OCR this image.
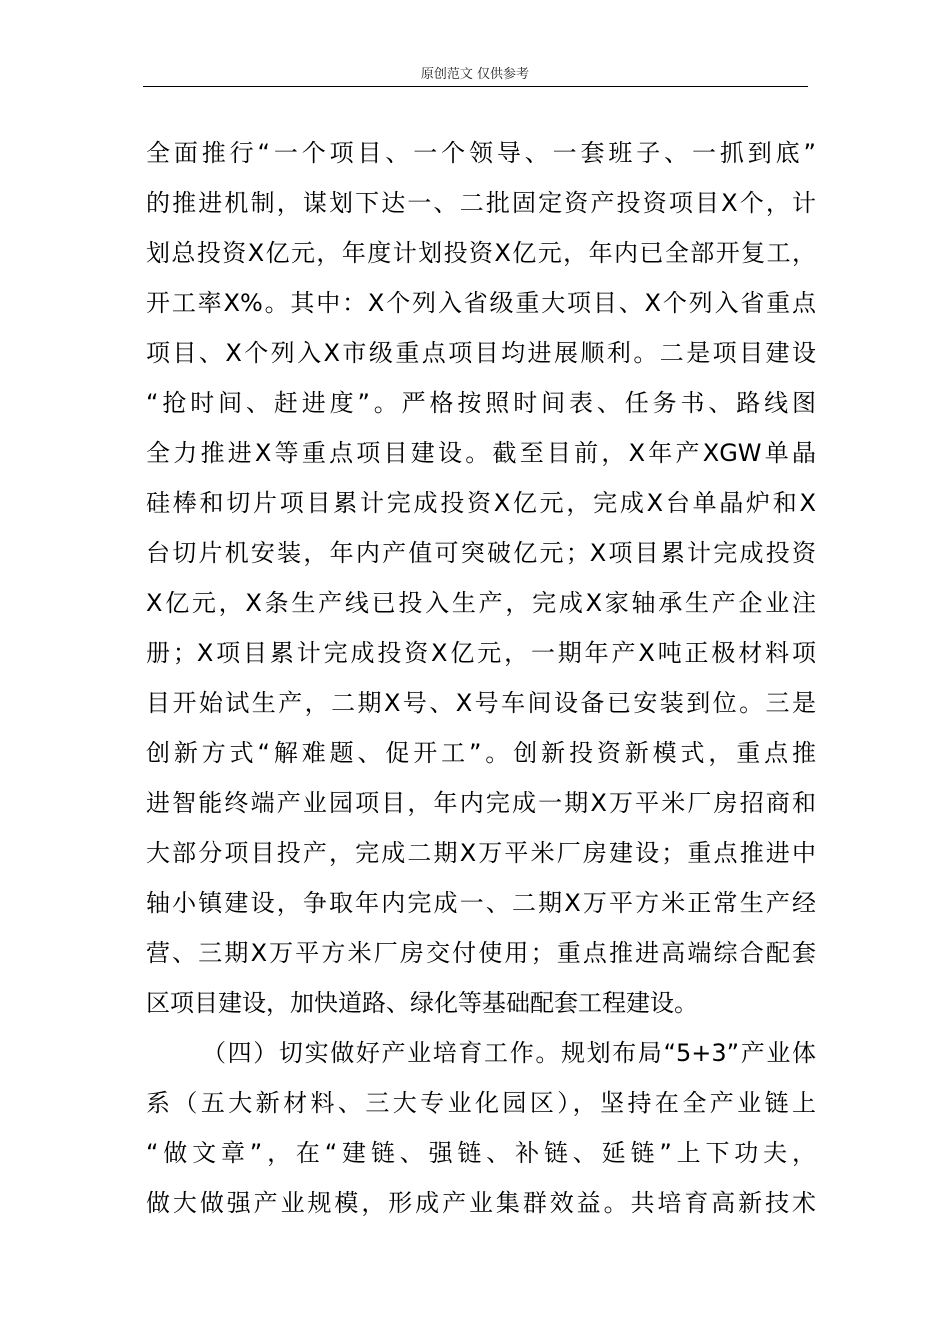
原创范文 仅供参考
全面推行“一个项目、一个领导、一套班子、一抓到底”
的推进机制，谋划下达一、二批固定资产投资项目X个，计
划总投资X亿元，年度计划投资X亿元，年内已全部开复工，
开工率X%。其中：X个列入省级重大项目、X个列入省重点
项目、X个列入X市级重点项目均进展顺利。二是项目建设
“抢时间、赶进度”。严格按照时间表、任务书、路线图
全力推进X等重点项目建设。截至目前，X年产XGW单晶
硅棒和切片项目累计完成投资X亿元，完成X台单晶炉和X
台切片机安装，年内产值可突破亿元；X项目累计完成投资
X亿元，X条生产线已投入生产，完成X家轴承生产企业注
册；X项目累计完成投资X亿元，一期年产X吨正极材料项
目开始试生产，二期X号、X号车间设备已安装到位。三是
创新方式“解难题、促开工”。创新投资新模式，重点推
进智能终端产业园项目，年内完成一期X万平米厂房招商和
大部分项目投产，完成二期X万平米厂房建设；重点推进中
轴小镇建设，争取年内完成一、二期X万平方米正常生产经
营、三期X万平方米厂房交付使用；重点推进高端综合配套
区项目建设，加快道路、绿化等基础配套工程建设。
（四）切实做好产业培育工作。规划布局“5+3”产业体
系（五大新材料、三大专业化园区），坚持在全产业链上
“做文章”，在“建链、强链、补链、延链”上下功夫，
做大做强产业规模，形成产业集群效益。共培育高新技术
